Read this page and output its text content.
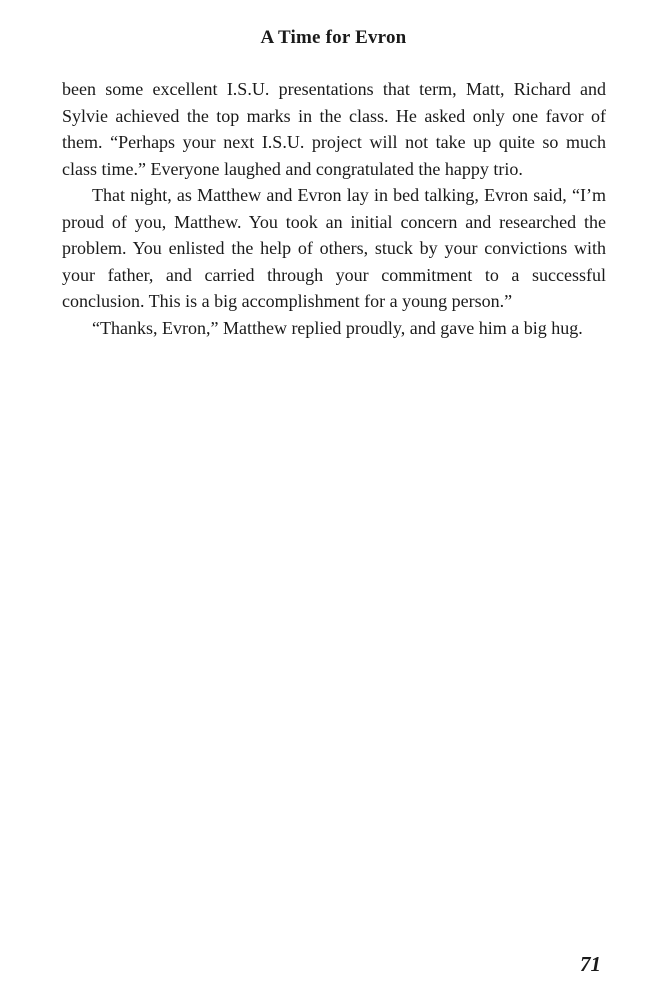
A Time for Evron

been some excellent I.S.U. presentations that term, Matt, Richard and Sylvie achieved the top marks in the class. He asked only one favor of them. “Perhaps your next I.S.U. project will not take up quite so much class time.” Everyone laughed and congratulated the happy trio.

That night, as Matthew and Evron lay in bed talking, Evron said, “I’m proud of you, Matthew. You took an initial concern and researched the problem. You enlisted the help of others, stuck by your convictions with your father, and carried through your commitment to a successful conclusion. This is a big accomplishment for a young person.”

“Thanks, Evron,” Matthew replied proudly, and gave him a big hug.

71
